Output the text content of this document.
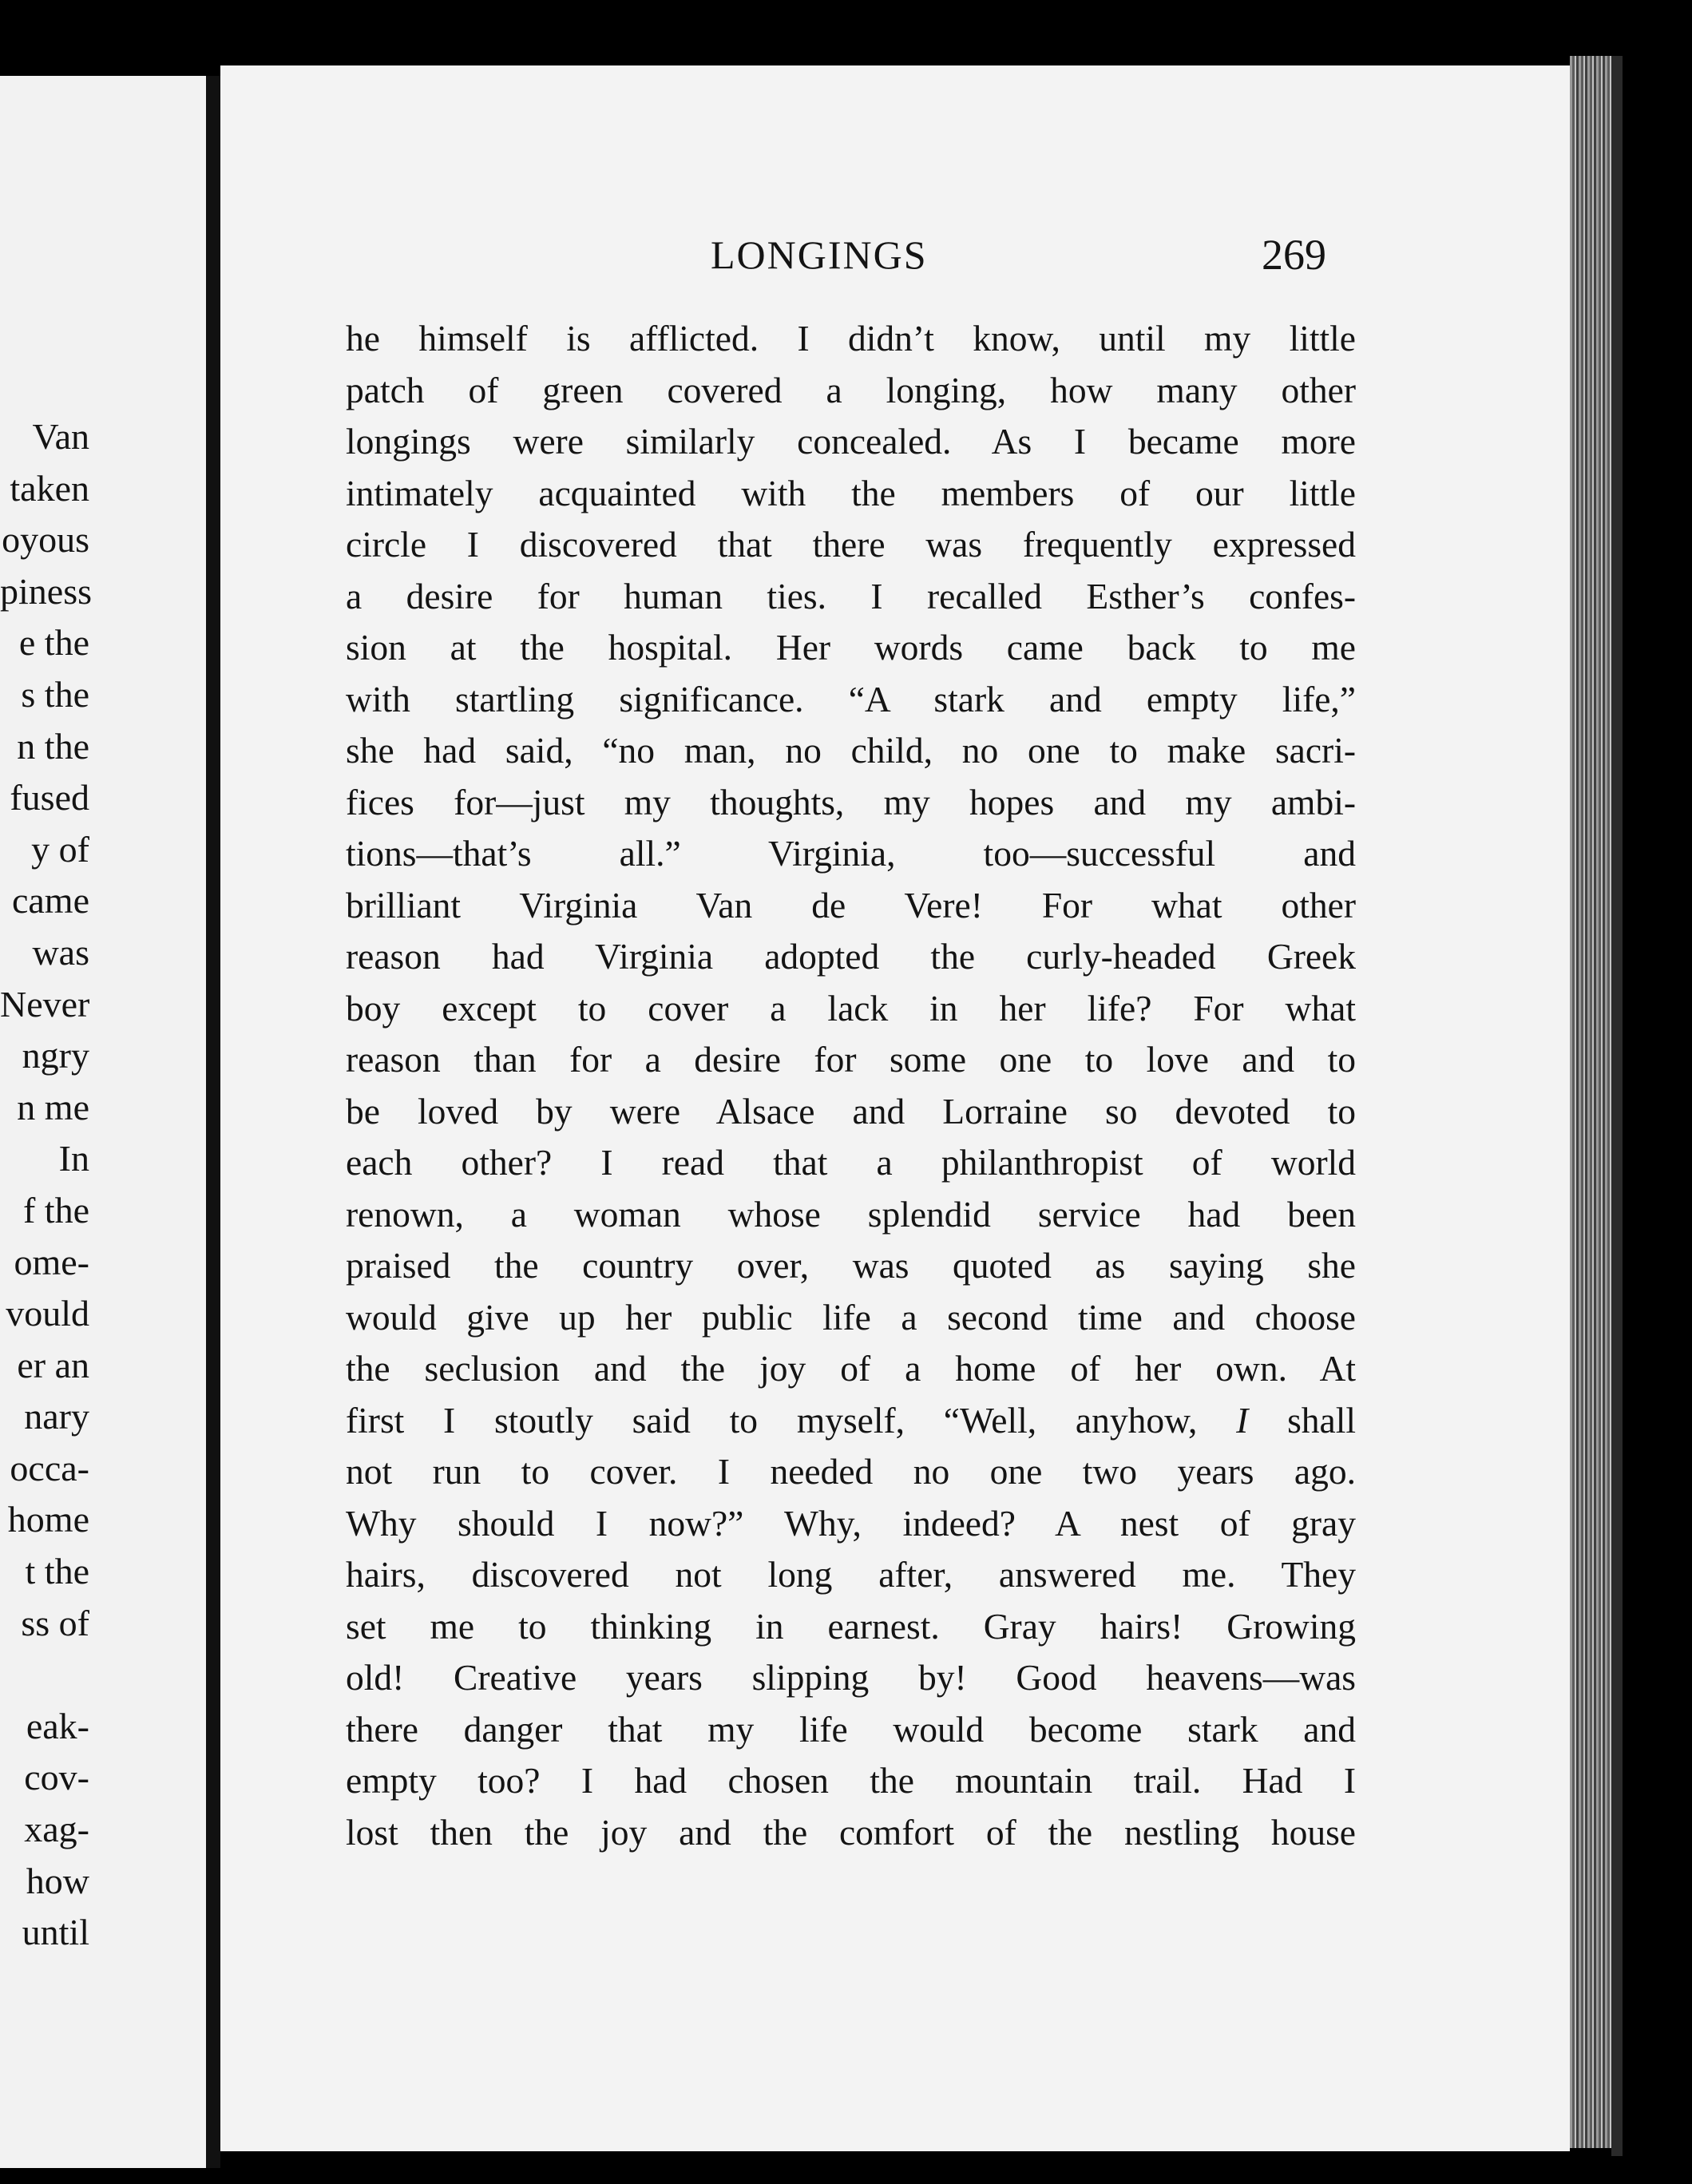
Van
taken
oyous
piness
e the
s the
n the
fused
y of
came
was
Never
ngry
n me
In
f the
ome-
vould
er an
nary
occa-
home
t the
ss of
eak-
cov-
xag-
how
until
LONGINGS	269
he himself is afflicted. I didn’t know, until my little
patch of green covered a longing, how many other
longings were similarly concealed. As I became more
intimately acquainted with the members of our little
circle I discovered that there was frequently expressed
a desire for human ties. I recalled Esther’s confes-
sion at the hospital. Her words came back to me
with startling significance. “A stark and empty life,”
she had said, “no man, no child, no one to make sacri-
fices for—just my thoughts, my hopes and my ambi-
tions—that’s all.” Virginia, too—successful and
brilliant Virginia Van de Vere! For what other
reason had Virginia adopted the curly-headed Greek
boy except to cover a lack in her life? For what
reason than for a desire for some one to love and to
be loved by were Alsace and Lorraine so devoted to
each other? I read that a philanthropist of world
renown, a woman whose splendid service had been
praised the country over, was quoted as saying she
would give up her public life a second time and choose
the seclusion and the joy of a home of her own. At
first I stoutly said to myself, “Well, anyhow, I shall
not run to cover. I needed no one two years ago.
Why should I now?” Why, indeed? A nest of gray
hairs, discovered not long after, answered me. They
set me to thinking in earnest. Gray hairs! Growing
old! Creative years slipping by! Good heavens—was
there danger that my life would become stark and
empty too? I had chosen the mountain trail. Had I
lost then the joy and the comfort of the nestling house
